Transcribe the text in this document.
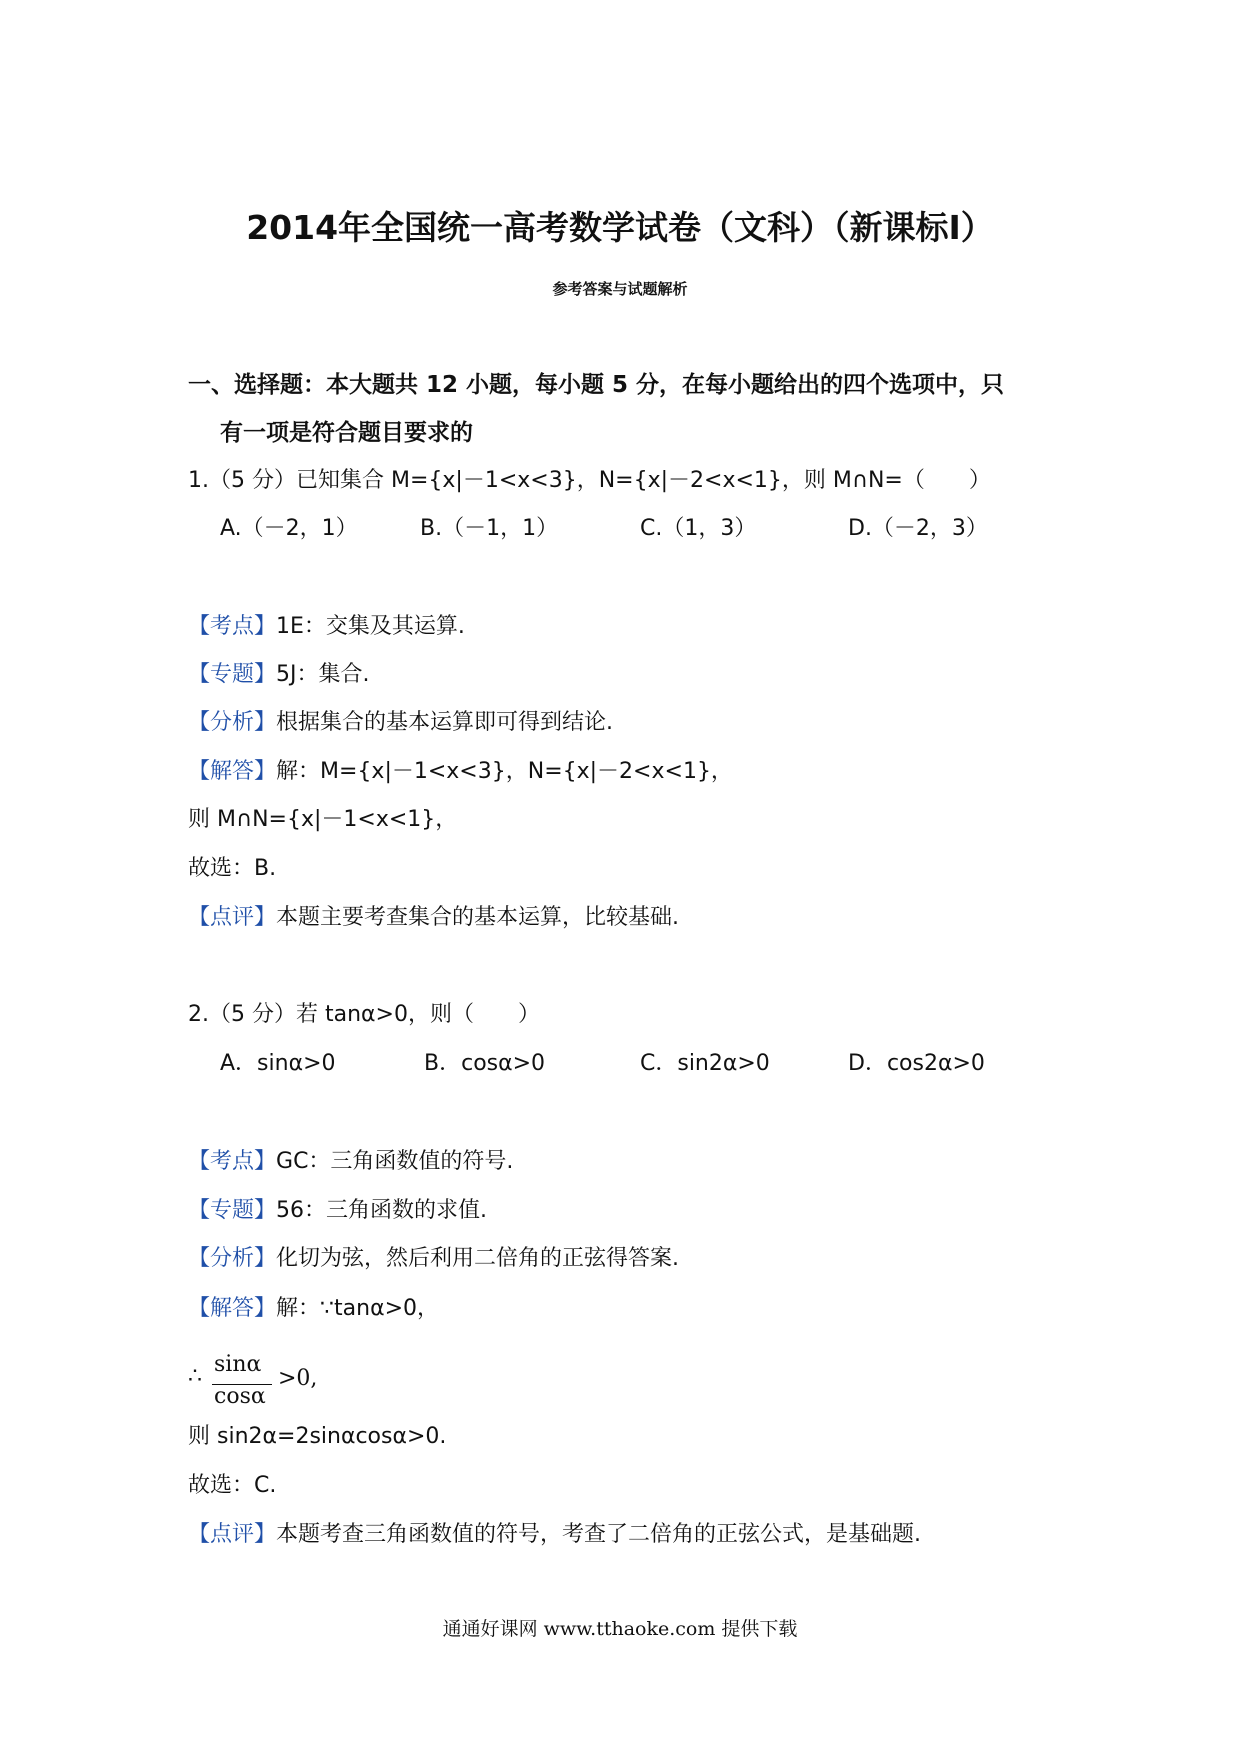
2014年全国统一高考数学试卷（文科）（新课标Ⅰ）
参考答案与试题解析
一、选择题：本大题共 12 小题，每小题 5 分，在每小题给出的四个选项中，只
有一项是符合题目要求的
1.（5 分）已知集合 M={x|－1<x<3}，N={x|－2<x<1}，则 M∩N=（　　）
A.（－2，1）	B.（－1，1）	C.（1，3）	D.（－2，3）
【考点】1E：交集及其运算.
【专题】5J：集合.
【分析】根据集合的基本运算即可得到结论.
【解答】解：M={x|－1<x<3}，N={x|－2<x<1}，
则 M∩N={x|－1<x<1}，
故选：B.
【点评】本题主要考查集合的基本运算，比较基础.
2.（5 分）若 tanα>0，则（　　）
A．sinα>0	B．cosα>0	C．sin2α>0	D．cos2α>0
【考点】GC：三角函数值的符号.
【专题】56：三角函数的求值.
【分析】化切为弦，然后利用二倍角的正弦得答案.
【解答】解：∵tanα>0，
∴ sinα
cosα
>0,
则 sin2α=2sinαcosα>0.
故选：C.
【点评】本题考查三角函数值的符号，考查了二倍角的正弦公式，是基础题.
通通好课网 www.tthaoke.com 提供下载
